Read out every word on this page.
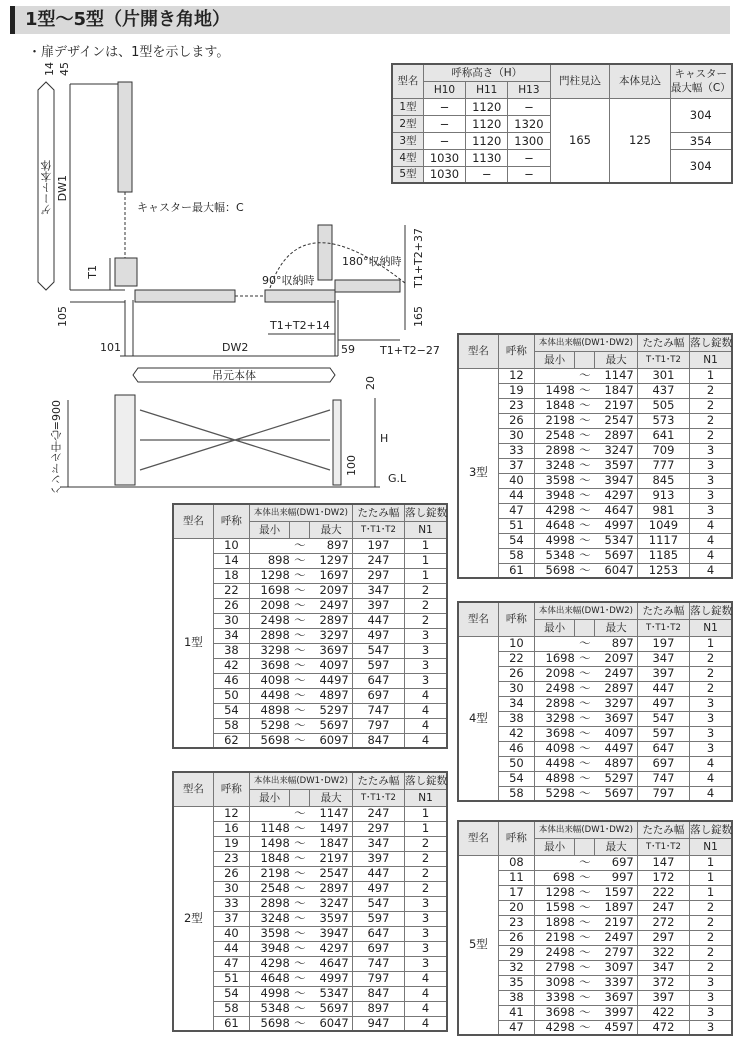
1型〜5型（片開き角地）
・扉デザインは、1型を示します。
ゲート本体 DW1
14 45
キャスター最大幅：C
T1
105
101	DW2	59
T1+T2+14
T1+T2−27
T1+T2+37
165
90°収納時
180°収納時
吊元本体
ハンドル中心=900
20
H
100
G.L
型名	呼称高さ（H）			門柱見込	本体見込	キャスター最大幅（C）
	H10	H11	H13			
1型	−	1120	−	165	125	304
2型	−	1120	1320			
3型	−	1120	1300			354
4型	1030	1130	−			304
5型	1030	−	−			
型名	呼称	本体出来幅(DW1･DW2)			たたみ幅	落し錠数
		最小		最大	T･T1･T2	N1
1型	10		〜	897	197	1
	14	898	〜	1297	247	1
	18	1298	〜	1697	297	1
	22	1698	〜	2097	347	2
	26	2098	〜	2497	397	2
	30	2498	〜	2897	447	2
	34	2898	〜	3297	497	3
	38	3298	〜	3697	547	3
	42	3698	〜	4097	597	3
	46	4098	〜	4497	647	3
	50	4498	〜	4897	697	4
	54	4898	〜	5297	747	4
	58	5298	〜	5697	797	4
	62	5698	〜	6097	847	4
型名	呼称	本体出来幅(DW1･DW2)			たたみ幅	落し錠数
		最小		最大	T･T1･T2	N1
2型	12		〜	1147	247	1
	16	1148	〜	1497	297	1
	19	1498	〜	1847	347	2
	23	1848	〜	2197	397	2
	26	2198	〜	2547	447	2
	30	2548	〜	2897	497	2
	33	2898	〜	3247	547	3
	37	3248	〜	3597	597	3
	40	3598	〜	3947	647	3
	44	3948	〜	4297	697	3
	47	4298	〜	4647	747	3
	51	4648	〜	4997	797	4
	54	4998	〜	5347	847	4
	58	5348	〜	5697	897	4
	61	5698	〜	6047	947	4
型名	呼称	本体出来幅(DW1･DW2)			たたみ幅	落し錠数
		最小		最大	T･T1･T2	N1
3型	12		〜	1147	301	1
	19	1498	〜	1847	437	2
	23	1848	〜	2197	505	2
	26	2198	〜	2547	573	2
	30	2548	〜	2897	641	2
	33	2898	〜	3247	709	3
	37	3248	〜	3597	777	3
	40	3598	〜	3947	845	3
	44	3948	〜	4297	913	3
	47	4298	〜	4647	981	3
	51	4648	〜	4997	1049	4
	54	4998	〜	5347	1117	4
	58	5348	〜	5697	1185	4
	61	5698	〜	6047	1253	4
型名	呼称	本体出来幅(DW1･DW2)			たたみ幅	落し錠数
		最小		最大	T･T1･T2	N1
4型	10		〜	897	197	1
	22	1698	〜	2097	347	2
	26	2098	〜	2497	397	2
	30	2498	〜	2897	447	2
	34	2898	〜	3297	497	3
	38	3298	〜	3697	547	3
	42	3698	〜	4097	597	3
	46	4098	〜	4497	647	3
	50	4498	〜	4897	697	4
	54	4898	〜	5297	747	4
	58	5298	〜	5697	797	4
型名	呼称	本体出来幅(DW1･DW2)			たたみ幅	落し錠数
		最小		最大	T･T1･T2	N1
5型	08		〜	697	147	1
	11	698	〜	997	172	1
	17	1298	〜	1597	222	1
	20	1598	〜	1897	247	2
	23	1898	〜	2197	272	2
	26	2198	〜	2497	297	2
	29	2498	〜	2797	322	2
	32	2798	〜	3097	347	2
	35	3098	〜	3397	372	3
	38	3398	〜	3697	397	3
	41	3698	〜	3997	422	3
	47	4298	〜	4597	472	3
